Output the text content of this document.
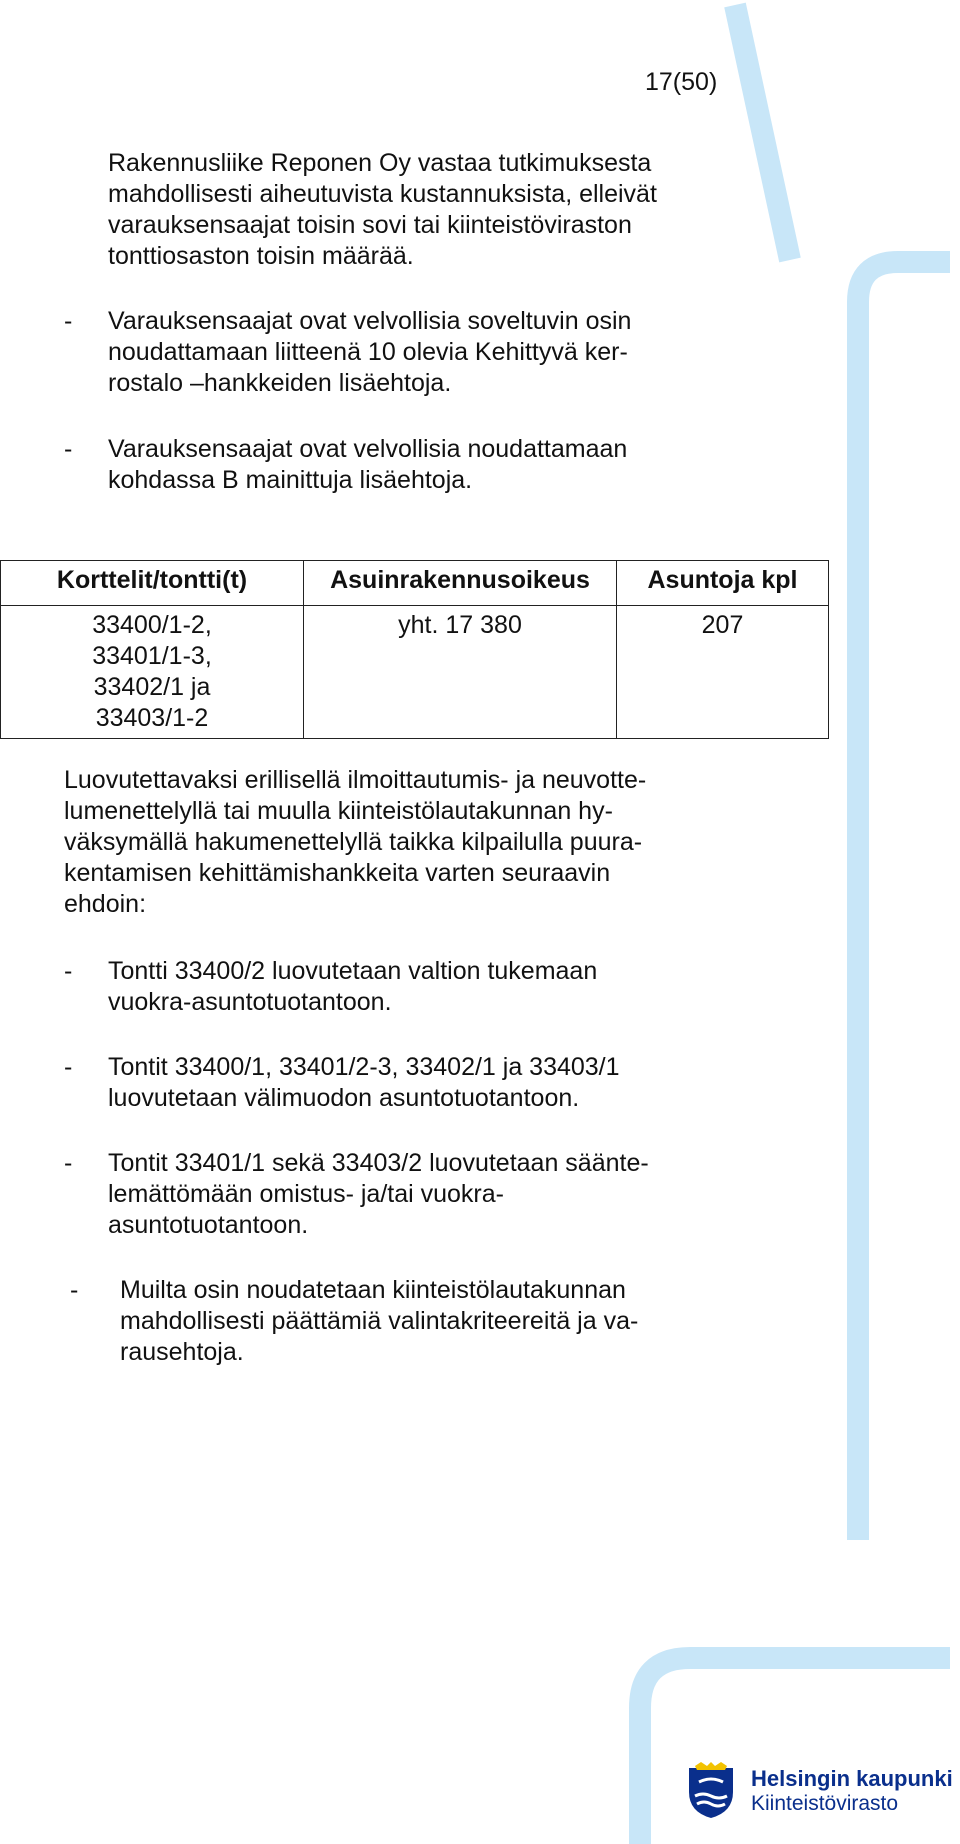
17(50)
Rakennusliike Reponen Oy vastaa tutkimuksesta
mahdollisesti aiheutuvista kustannuksista, elleivät
varauksensaajat toisin sovi tai kiinteistöviraston
tonttiosaston toisin määrää.
-	Varauksensaajat ovat velvollisia soveltuvin osin
noudattamaan liitteenä 10 olevia Kehittyvä ker-
rostalo –hankkeiden lisäehtoja.
-	Varauksensaajat ovat velvollisia noudattamaan
kohdassa B mainittuja lisäehtoja.
Korttelit/tontti(t)	Asuinrakennusoikeus	Asuntoja kpl

33400/1-2,
33401/1-3,
33402/1 ja
33403/1-2	yht. 17 380	207
Luovutettavaksi erillisellä ilmoittautumis- ja neuvotte-
lumenettelyllä tai muulla kiinteistölautakunnan hy-
väksymällä hakumenettelyllä taikka kilpailulla puura-
kentamisen kehittämishankkeita varten seuraavin
ehdoin:
-	Tontti 33400/2 luovutetaan valtion tukemaan
vuokra-asuntotuotantoon.
-	Tontit 33400/1, 33401/2-3, 33402/1 ja 33403/1
luovutetaan välimuodon asuntotuotantoon.
-	Tontit 33401/1 sekä 33403/2 luovutetaan säänte-
lemättömään omistus- ja/tai vuokra-
asuntotuotantoon.
-	Muilta osin noudatetaan kiinteistölautakunnan
mahdollisesti päättämiä valintakriteereitä ja va-
rausehtoja.
Helsingin kaupunki
Kiinteistövirasto
